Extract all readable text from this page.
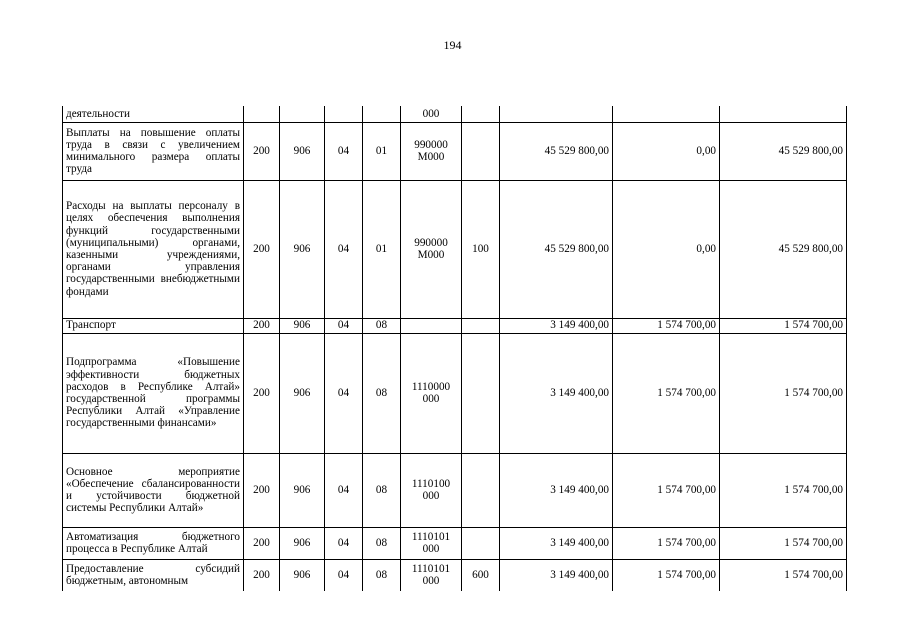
194
деятельности					000				
Выплаты на повышение оплаты труда в связи с увеличением минимального размера оплаты труда	200	906	04	01	990000 М000		45 529 800,00	0,00	45 529 800,00
Расходы на выплаты персоналу в целях обеспечения выполнения функций государственными (муниципальными) органами, казенными учреждениями, органами управления государственными внебюджетными фондами	200	906	04	01	990000 М000	100	45 529 800,00	0,00	45 529 800,00
Транспорт	200	906	04	08			3 149 400,00	1 574 700,00	1 574 700,00
Подпрограмма «Повышение эффективности бюджетных расходов в Республике Алтай» государственной программы Республики Алтай «Управление государственными финансами»	200	906	04	08	1110000 000		3 149 400,00	1 574 700,00	1 574 700,00
Основное мероприятие «Обеспечение сбалансированности и устойчивости бюджетной системы Республики Алтай»	200	906	04	08	1110100 000		3 149 400,00	1 574 700,00	1 574 700,00
Автоматизация бюджетного процесса в Республике Алтай	200	906	04	08	1110101 000		3 149 400,00	1 574 700,00	1 574 700,00
Предоставление субсидий бюджетным, автономным	200	906	04	08	1110101 000	600	3 149 400,00	1 574 700,00	1 574 700,00
